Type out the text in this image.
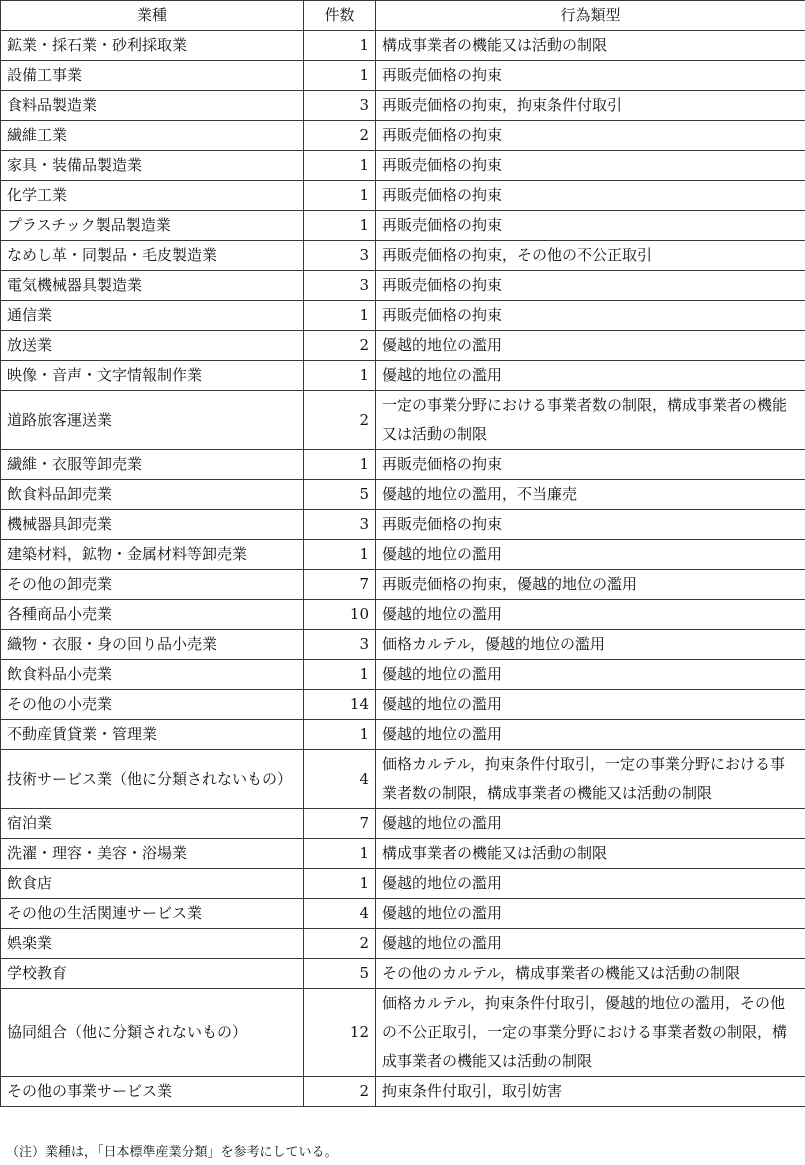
業種	件数	行為類型
鉱業・採石業・砂利採取業	1	構成事業者の機能又は活動の制限
設備工事業	1	再販売価格の拘束
食料品製造業	3	再販売価格の拘束，拘束条件付取引
繊維工業	2	再販売価格の拘束
家具・装備品製造業	1	再販売価格の拘束
化学工業	1	再販売価格の拘束
プラスチック製品製造業	1	再販売価格の拘束
なめし革・同製品・毛皮製造業	3	再販売価格の拘束，その他の不公正取引
電気機械器具製造業	3	再販売価格の拘束
通信業	1	再販売価格の拘束
放送業	2	優越的地位の濫用
映像・音声・文字情報制作業	1	優越的地位の濫用
道路旅客運送業	2	一定の事業分野における事業者数の制限，構成事業者の機能又は活動の制限
繊維・衣服等卸売業	1	再販売価格の拘束
飲食料品卸売業	5	優越的地位の濫用，不当廉売
機械器具卸売業	3	再販売価格の拘束
建築材料，鉱物・金属材料等卸売業	1	優越的地位の濫用
その他の卸売業	7	再販売価格の拘束，優越的地位の濫用
各種商品小売業	10	優越的地位の濫用
織物・衣服・身の回り品小売業	3	価格カルテル，優越的地位の濫用
飲食料品小売業	1	優越的地位の濫用
その他の小売業	14	優越的地位の濫用
不動産賃貸業・管理業	1	優越的地位の濫用
技術サービス業（他に分類されないもの）	4	価格カルテル，拘束条件付取引，一定の事業分野における事業者数の制限，構成事業者の機能又は活動の制限
宿泊業	7	優越的地位の濫用
洗濯・理容・美容・浴場業	1	構成事業者の機能又は活動の制限
飲食店	1	優越的地位の濫用
その他の生活関連サービス業	4	優越的地位の濫用
娯楽業	2	優越的地位の濫用
学校教育	5	その他のカルテル，構成事業者の機能又は活動の制限
協同組合（他に分類されないもの）	12	価格カルテル，拘束条件付取引，優越的地位の濫用，その他の不公正取引，一定の事業分野における事業者数の制限，構成事業者の機能又は活動の制限
その他の事業サービス業	2	拘束条件付取引，取引妨害
（注）業種は，「日本標準産業分類」を参考にしている。
